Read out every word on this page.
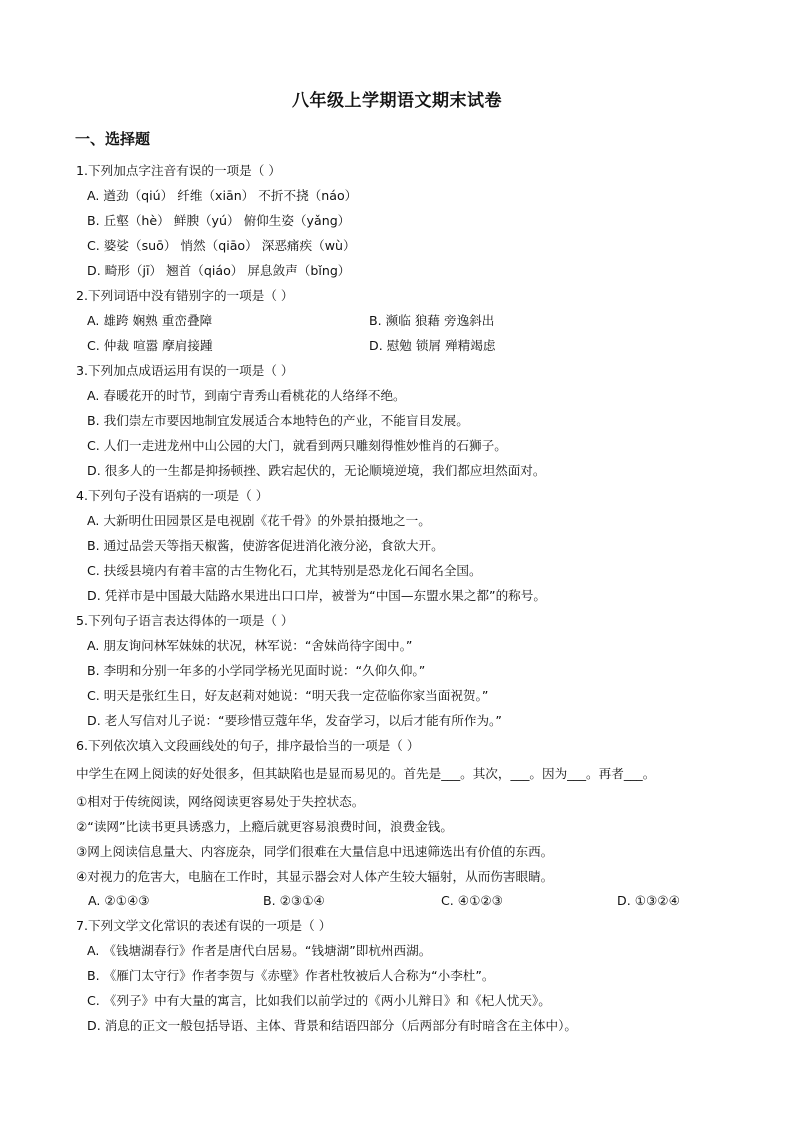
八年级上学期语文期末试卷
一、选择题
1.下列加点字注音有误的一项是（ ）
A. 遒劲（qiú） 纤维（xiān） 不折不挠（náo）
B. 丘壑（hè） 鲜腴（yú） 俯仰生姿（yǎng）
C. 婆娑（suō） 悄然（qiāo） 深恶痛疾（wù）
D. 畸形（jī） 翘首（qiáo） 屏息敛声（bǐng）
2.下列词语中没有错别字的一项是（ ）
A. 雄跨 娴熟 重峦叠障	B. 濒临 狼藉 旁逸斜出
C. 仲裁 喧嚣 摩肩接踵	D. 慰勉 锁屑 殚精竭虑
3.下列加点成语运用有误的一项是（ ）
A. 春暖花开的时节，到南宁青秀山看桃花的人络绎不绝。
B. 我们崇左市要因地制宜发展适合本地特色的产业，不能盲目发展。
C. 人们一走进龙州中山公园的大门，就看到两只雕刻得惟妙惟肖的石狮子。
D. 很多人的一生都是抑扬顿挫、跌宕起伏的，无论顺境逆境，我们都应坦然面对。
4.下列句子没有语病的一项是（ ）
A. 大新明仕田园景区是电视剧《花千骨》的外景拍摄地之一。
B. 通过品尝天等指天椒酱，使游客促进消化液分泌，食欲大开。
C. 扶绥县境内有着丰富的古生物化石，尤其特别是恐龙化石闻名全国。
D. 凭祥市是中国最大陆路水果进出口口岸，被誉为“中国—东盟水果之都”的称号。
5.下列句子语言表达得体的一项是（ ）
A. 朋友询问林军妹妹的状况，林军说：“舍妹尚待字闺中。”
B. 李明和分别一年多的小学同学杨光见面时说：“久仰久仰。”
C. 明天是张红生日，好友赵莉对她说：“明天我一定莅临你家当面祝贺。”
D. 老人写信对儿子说：“要珍惜豆蔻年华，发奋学习，以后才能有所作为。”
6.下列依次填入文段画线处的句子，排序最恰当的一项是（ ）
中学生在网上阅读的好处很多，但其缺陷也是显而易见的。首先是___。其次，___。因为___。再者___。
①相对于传统阅读，网络阅读更容易处于失控状态。
②“读网”比读书更具诱惑力，上瘾后就更容易浪费时间，浪费金钱。
③网上阅读信息量大、内容庞杂，同学们很难在大量信息中迅速筛选出有价值的东西。
④对视力的危害大，电脑在工作时，其显示器会对人体产生较大辐射，从而伤害眼睛。
A. ②①④③	B. ②③①④	C. ④①②③	D. ①③②④
7.下列文学文化常识的表述有误的一项是（ ）
A. 《钱塘湖春行》作者是唐代白居易。“钱塘湖”即杭州西湖。
B. 《雁门太守行》作者李贺与《赤壁》作者杜牧被后人合称为“小李杜”。
C. 《列子》中有大量的寓言，比如我们以前学过的《两小儿辩日》和《杞人忧天》。
D. 消息的正文一般包括导语、主体、背景和结语四部分（后两部分有时暗含在主体中）。
